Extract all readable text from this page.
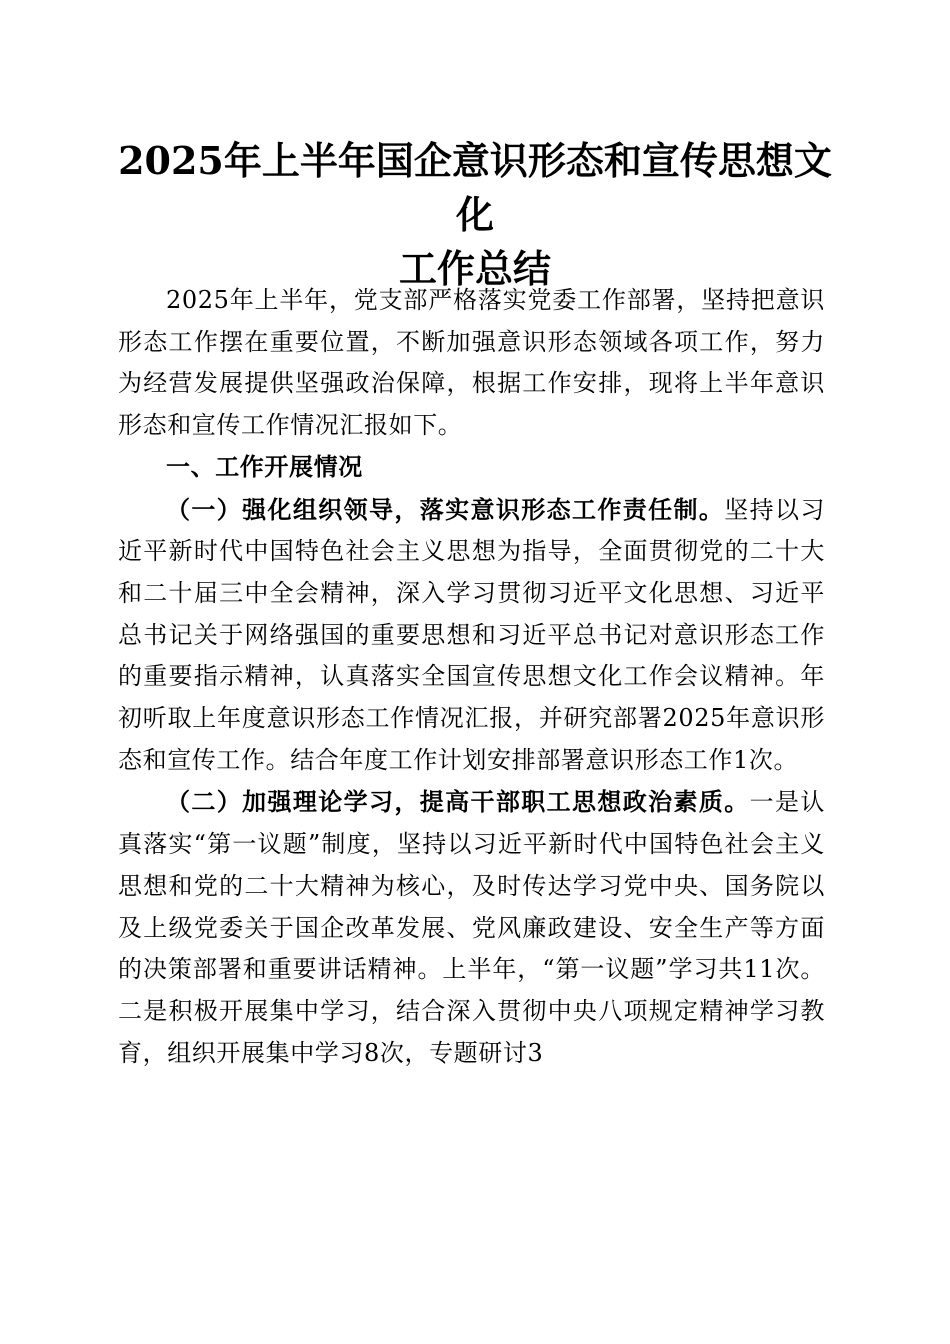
2025年上半年国企意识形态和宣传思想文化
工作总结

2025年上半年，党支部严格落实党委工作部署，坚持把意识形态工作摆在重要位置，不断加强意识形态领域各项工作，努力为经营发展提供坚强政治保障，根据工作安排，现将上半年意识形态和宣传工作情况汇报如下。

一、工作开展情况

（一）强化组织领导，落实意识形态工作责任制。坚持以习近平新时代中国特色社会主义思想为指导，全面贯彻党的二十大和二十届三中全会精神，深入学习贯彻习近平文化思想、习近平总书记关于网络强国的重要思想和习近平总书记对意识形态工作的重要指示精神，认真落实全国宣传思想文化工作会议精神。年初听取上年度意识形态工作情况汇报，并研究部署2025年意识形态和宣传工作。结合年度工作计划安排部署意识形态工作1次。

（二）加强理论学习，提高干部职工思想政治素质。一是认真落实“第一议题”制度，坚持以习近平新时代中国特色社会主义思想和党的二十大精神为核心，及时传达学习党中央、国务院以及上级党委关于国企改革发展、党风廉政建设、安全生产等方面的决策部署和重要讲话精神。上半年，“第一议题”学习共11次。二是积极开展集中学习，结合深入贯彻中央八项规定精神学习教育，组织开展集中学习8次，专题研讨3
